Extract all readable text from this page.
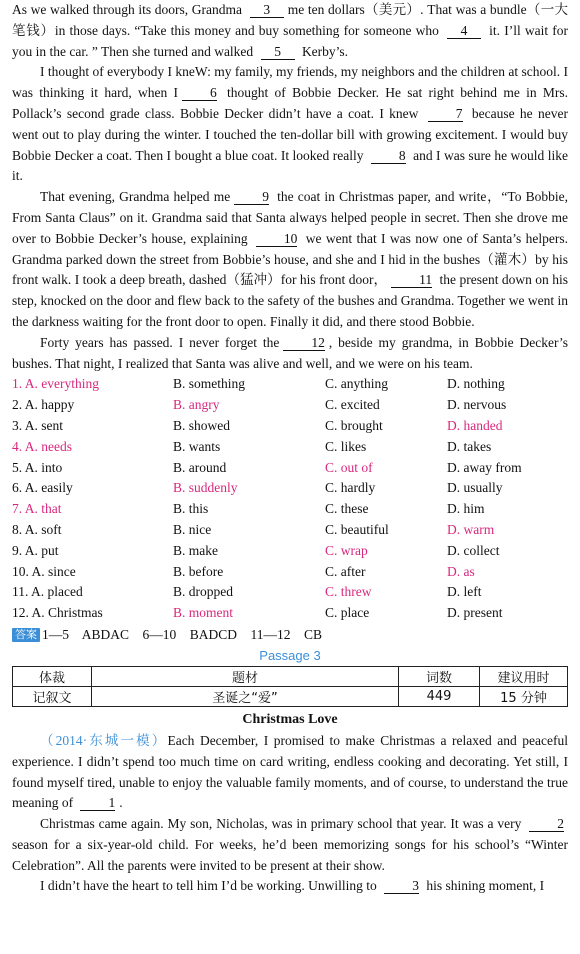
As we walked through its doors, Grandma 3 me ten dollars（美元）. That was a bundle（一大笔钱）in those days. “Take this money and buy something for someone who 4 it. I’ll wait for you in the car. ” Then she turned and walked 5 Kerby’s.

I thought of everybody I kneW: my family, my friends, my neighbors and the children at school. I was thinking it hard, when I 6 thought of Bobbie Decker. He sat right behind me in Mrs. Pollack’s second grade class. Bobbie Decker didn’t have a coat. I knew 7 because he never went out to play during the winter. I touched the ten-dollar bill with growing excitement. I would buy Bobbie Decker a coat. Then I bought a blue coat. It looked really 8 and I was sure he would like it.

That evening, Grandma helped me 9 the coat in Christmas paper, and write，“To Bobbie, From Santa Claus” on it. Grandma said that Santa always helped people in secret. Then she drove me over to Bobbie Decker’s house, explaining 10 we went that I was now one of Santa’s helpers. Grandma parked down the street from Bobbie’s house, and she and I hid in the bushes（灌木）by his front walk. I took a deep breath, dashed（猛冲）for his front door， 11 the present down on his step, knocked on the door and flew back to the safety of the bushes and Grandma. Together we went in the darkness waiting for the front door to open. Finally it did, and there stood Bobbie.

Forty years has passed. I never forget the 12 , beside my grandma, in Bobbie Decker’s bushes. That night, I realized that Santa was alive and well, and we were on his team.

1. A. everything	B. something	C. anything	D. nothing
2. A. happy	B. angry	C. excited	D. nervous
3. A. sent	B. showed	C. brought	D. handed
4. A. needs	B. wants	C. likes	D. takes
5. A. into	B. around	C. out of	D. away from
6. A. easily	B. suddenly	C. hardly	D. usually
7. A. that	B. this	C. these	D. him
8. A. soft	B. nice	C. beautiful	D. warm
9. A. put	B. make	C. wrap	D. collect
10. A. since	B. before	C. after	D. as
11. A. placed	B. dropped	C. threw	D. left
12. A. Christmas	B. moment	C. place	D. present
答案 1—5    ABDAC    6—10    BADCD    11—12    CB
Passage 3
体裁	题材	词数	建议用时
记叙文	圣诞之“爱”	449	15 分钟
Christmas Love

（2014·东城一模）Each December, I promised to make Christmas a relaxed and peaceful experience. I didn’t spend too much time on card writing, endless cooking and decorating. Yet still, I found myself tired, unable to enjoy the valuable family moments, and of course, to understand the true meaning of 1 .

Christmas came again. My son, Nicholas, was in primary school that year. It was a very 2 season for a six-year-old child. For weeks, he’d been memorizing songs for his school’s “Winter Celebration”. All the parents were invited to be present at their show.

I didn’t have the heart to tell him I’d be working. Unwilling to 3 his shining moment, I
